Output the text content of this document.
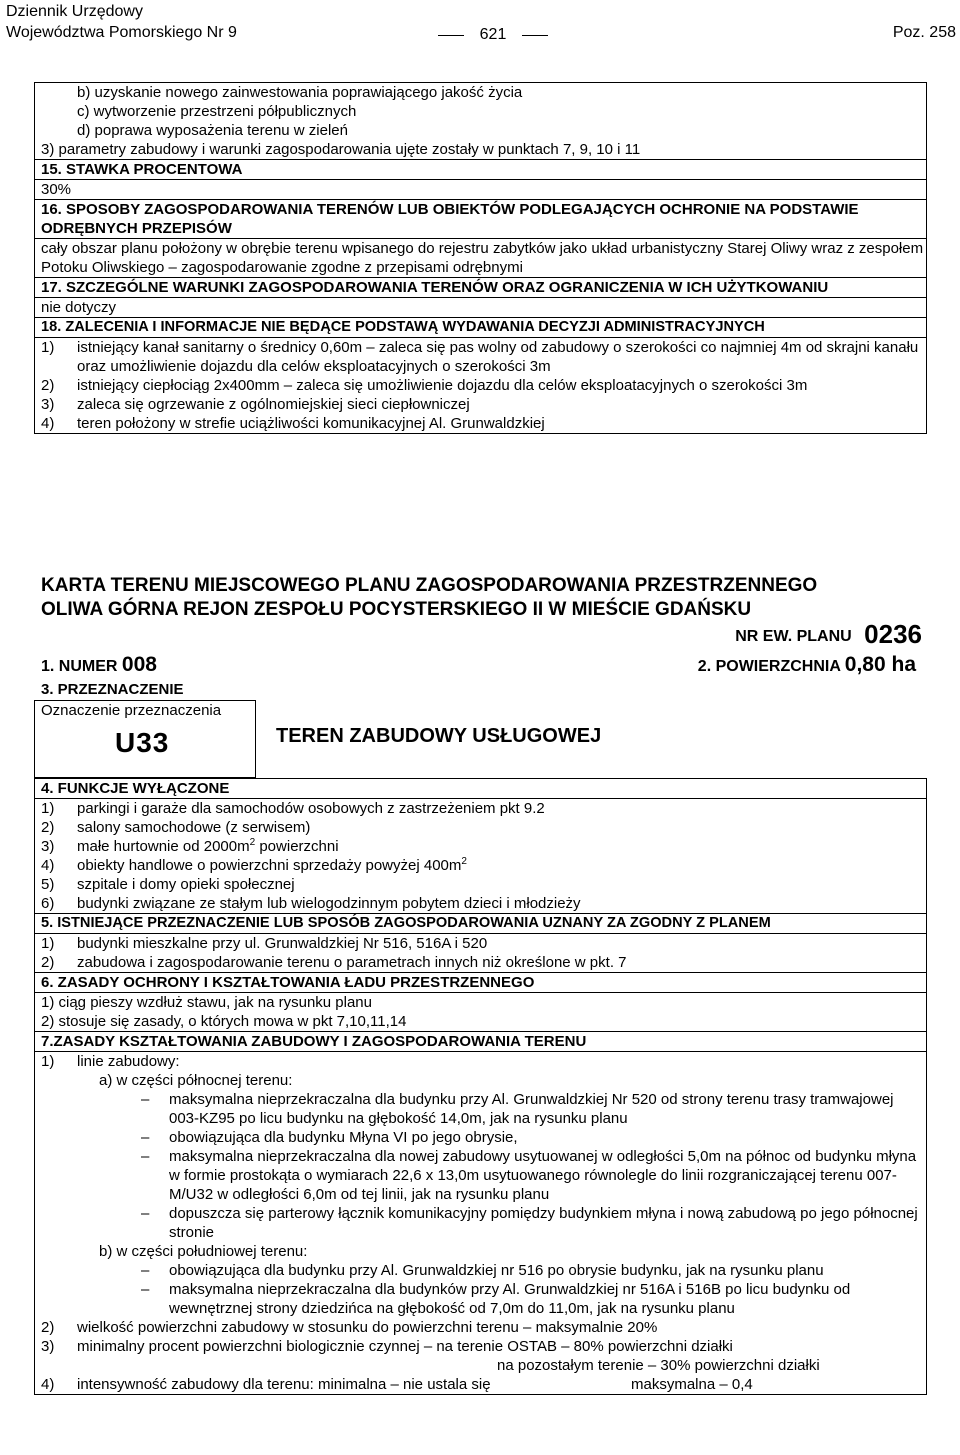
Dziennik Urzędowy
Województwa Pomorskiego Nr 9	621	Poz. 258
b) uzyskanie nowego zainwestowania poprawiającego jakość życia
c) wytworzenie przestrzeni półpublicznych
d) poprawa wyposażenia terenu w zieleń
3) parametry zabudowy i warunki zagospodarowania ujęte zostały w punktach 7, 9, 10 i 11
15. STAWKA PROCENTOWA
30%
16. SPOSOBY ZAGOSPODAROWANIA TERENÓW LUB OBIEKTÓW PODLEGAJĄCYCH OCHRONIE NA PODSTAWIE ODRĘBNYCH PRZEPISÓW
cały obszar planu położony w obrębie terenu wpisanego do rejestru zabytków jako układ urbanistyczny Starej Oliwy wraz z zespołem Potoku Oliwskiego – zagospodarowanie zgodne z przepisami odrębnymi
17. SZCZEGÓLNE WARUNKI ZAGOSPODAROWANIA TERENÓW ORAZ OGRANICZENIA W ICH UŻYTKOWANIU
nie dotyczy
18. ZALECENIA I INFORMACJE NIE BĘDĄCE PODSTAWĄ WYDAWANIA DECYZJI ADMINISTRACYJNYCH
1)	istniejący kanał sanitarny o średnicy 0,60m – zaleca się pas wolny od zabudowy o szerokości co najmniej 4m od skrajni kanału oraz umożliwienie dojazdu dla celów eksploatacyjnych o szerokości 3m
2)	istniejący ciepłociąg 2x400mm – zaleca się umożliwienie dojazdu dla celów eksploatacyjnych o szerokości 3m
3)	zaleca się ogrzewanie z ogólnomiejskiej sieci ciepłowniczej
4)	teren położony w strefie uciążliwości komunikacyjnej Al. Grunwaldzkiej
KARTA TERENU MIEJSCOWEGO PLANU ZAGOSPODAROWANIA PRZESTRZENNEGO
OLIWA GÓRNA REJON ZESPOŁU POCYSTERSKIEGO II W MIEŚCIE GDAŃSKU
NR EW. PLANU 0236
1. NUMER 008	2. POWIERZCHNIA 0,80 ha
3. PRZEZNACZENIE
Oznaczenie przeznaczenia
U33	TEREN ZABUDOWY USŁUGOWEJ
4. FUNKCJE WYŁĄCZONE
1)	parkingi i garaże dla samochodów osobowych z zastrzeżeniem pkt 9.2
2)	salony samochodowe (z serwisem)
3)	małe hurtownie od $2000m^2$ powierzchni
4)	obiekty handlowe o powierzchni sprzedaży powyżej $400m^2$
5)	szpitale i domy opieki społecznej
6)	budynki związane ze stałym lub wielogodzinnym pobytem dzieci i młodzieży
5. ISTNIEJĄCE PRZEZNACZENIE LUB SPOSÓB ZAGOSPODAROWANIA UZNANY ZA ZGODNY Z PLANEM
1)	budynki mieszkalne przy ul. Grunwaldzkiej Nr 516, 516A i 520
2)	zabudowa i zagospodarowanie terenu o parametrach innych niż określone w pkt. 7
6. ZASADY OCHRONY I KSZTAŁTOWANIA ŁADU PRZESTRZENNEGO
1) ciąg pieszy wzdłuż stawu, jak na rysunku planu
2) stosuje się zasady, o których mowa w pkt 7,10,11,14
7.ZASADY KSZTAŁTOWANIA ZABUDOWY I ZAGOSPODAROWANIA TERENU
1)	linie zabudowy:
a) w części północnej terenu:
–	maksymalna nieprzekraczalna dla budynku przy Al. Grunwaldzkiej Nr 520 od strony terenu trasy tramwajowej 003-KZ95 po licu budynku na głębokość 14,0m, jak na rysunku planu
–	obowiązująca dla budynku Młyna VI po jego obrysie,
–	maksymalna nieprzekraczalna dla nowej zabudowy usytuowanej w odległości 5,0m na północ od budynku młyna w formie prostokąta o wymiarach 22,6 x 13,0m usytuowanego równolegle do linii rozgraniczającej terenu 007-M/U32 w odległości 6,0m od tej linii, jak na rysunku planu
–	dopuszcza się parterowy łącznik komunikacyjny pomiędzy budynkiem młyna i nową zabudową po jego północnej stronie
b) w części południowej terenu:
–	obowiązująca dla budynku przy Al. Grunwaldzkiej nr 516 po obrysie budynku, jak na rysunku planu
–	maksymalna nieprzekraczalna dla budynków przy Al. Grunwaldzkiej nr 516A i 516B po licu budynku od wewnętrznej strony dziedzińca na głębokość od 7,0m do 11,0m, jak na rysunku planu
2)	wielkość powierzchni zabudowy w stosunku do powierzchni terenu – maksymalnie 20%
3)	minimalny procent powierzchni biologicznie czynnej – na terenie OSTAB – 80% powierzchni działki
na pozostałym terenie – 30% powierzchni działki
4)	intensywność zabudowy dla terenu: minimalna – nie ustala się	maksymalna – 0,4
